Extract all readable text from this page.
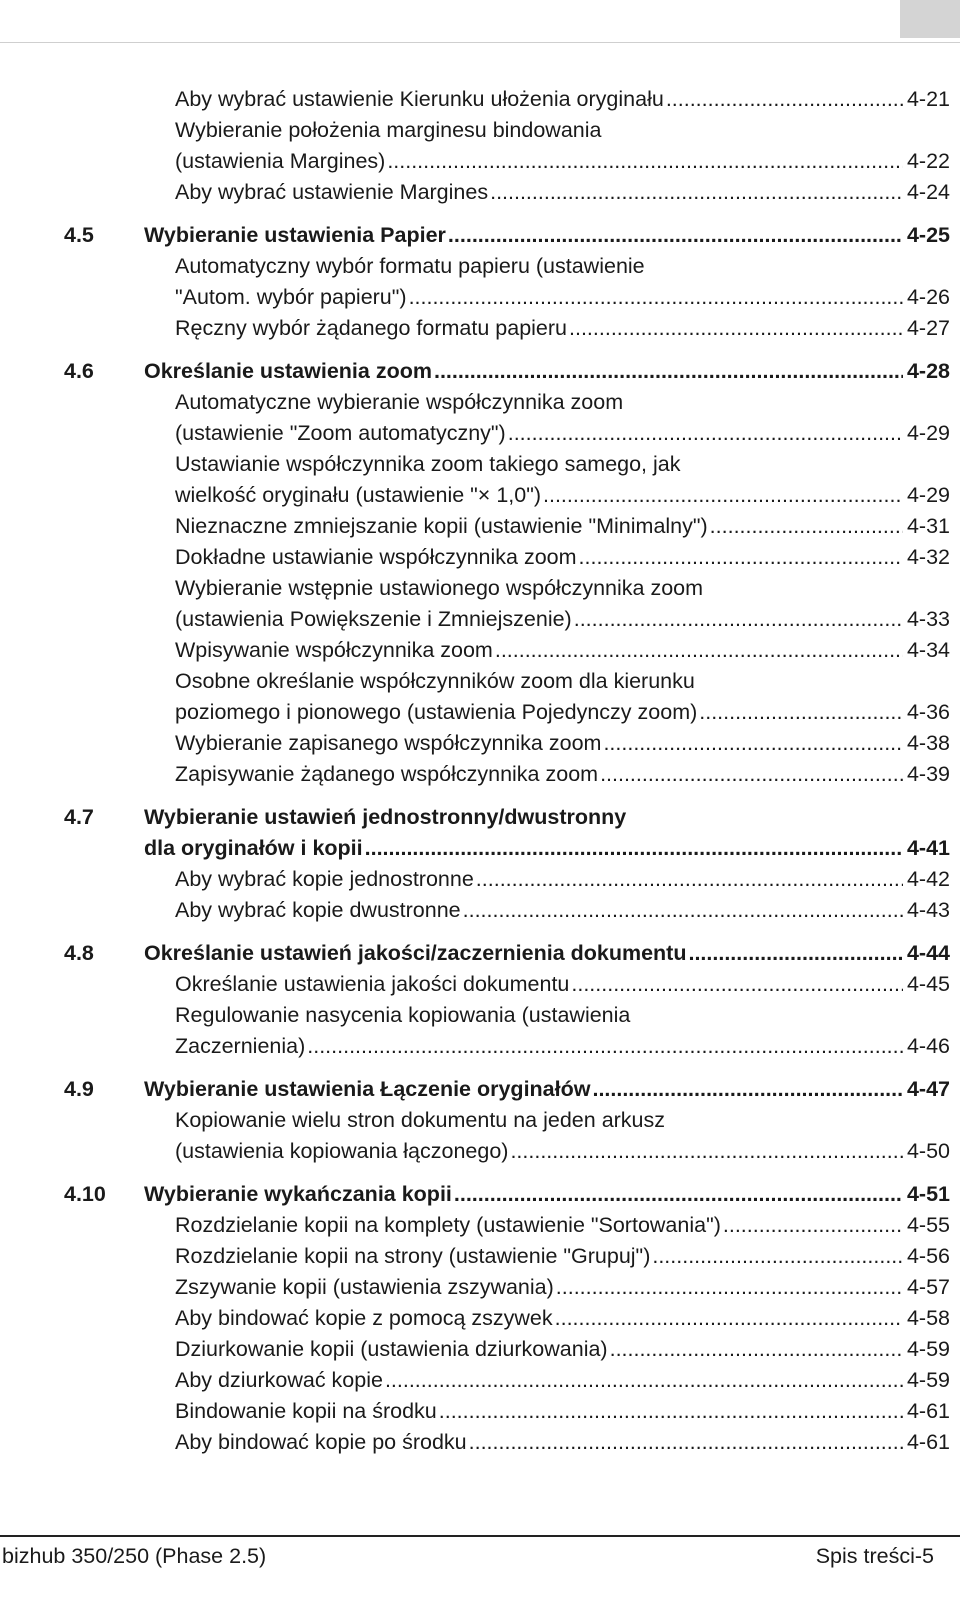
Aby wybrać ustawienie Kierunku ułożenia oryginału .....	4-21
Wybieranie położenia marginesu bindowania
(ustawienia Margines) .....	4-22
Aby wybrać ustawienie Margines .....	4-24
4.5 Wybieranie ustawienia Papier .....	4-25
Automatyczny wybór formatu papieru (ustawienie
"Autom. wybór papieru") .....	4-26
Ręczny wybór żądanego formatu papieru .....	4-27
4.6 Określanie ustawienia zoom .....	4-28
Automatyczne wybieranie współczynnika zoom
(ustawienie "Zoom automatyczny") .....	4-29
Ustawianie współczynnika zoom takiego samego, jak
wielkość oryginału (ustawienie "× 1,0") .....	4-29
Nieznaczne zmniejszanie kopii (ustawienie "Minimalny") .....	4-31
Dokładne ustawianie współczynnika zoom .....	4-32
Wybieranie wstępnie ustawionego współczynnika zoom
(ustawienia Powiększenie i Zmniejszenie) .....	4-33
Wpisywanie współczynnika zoom .....	4-34
Osobne określanie współczynników zoom dla kierunku
poziomego i pionowego (ustawienia Pojedynczy zoom) .....	4-36
Wybieranie zapisanego współczynnika zoom .....	4-38
Zapisywanie żądanego współczynnika zoom .....	4-39
4.7 Wybieranie ustawień jednostronny/dwustronny
dla oryginałów i kopii .....	4-41
Aby wybrać kopie jednostronne .....	4-42
Aby wybrać kopie dwustronne .....	4-43
4.8 Określanie ustawień jakości/zaczernienia dokumentu .....	4-44
Określanie ustawienia jakości dokumentu .....	4-45
Regulowanie nasycenia kopiowania (ustawienia
Zaczernienia) .....	4-46
4.9 Wybieranie ustawienia Łączenie oryginałów .....	4-47
Kopiowanie wielu stron dokumentu na jeden arkusz
(ustawienia kopiowania łączonego) .....	4-50
4.10 Wybieranie wykańczania kopii .....	4-51
Rozdzielanie kopii na komplety (ustawienie "Sortowania") .....	4-55
Rozdzielanie kopii na strony (ustawienie "Grupuj") .....	4-56
Zszywanie kopii (ustawienia zszywania) .....	4-57
Aby bindować kopie z pomocą zszywek .....	4-58
Dziurkowanie kopii (ustawienia dziurkowania) .....	4-59
Aby dziurkować kopie .....	4-59
Bindowanie kopii na środku .....	4-61
Aby bindować kopie po środku .....	4-61
bizhub 350/250 (Phase 2.5)	Spis treści-5
